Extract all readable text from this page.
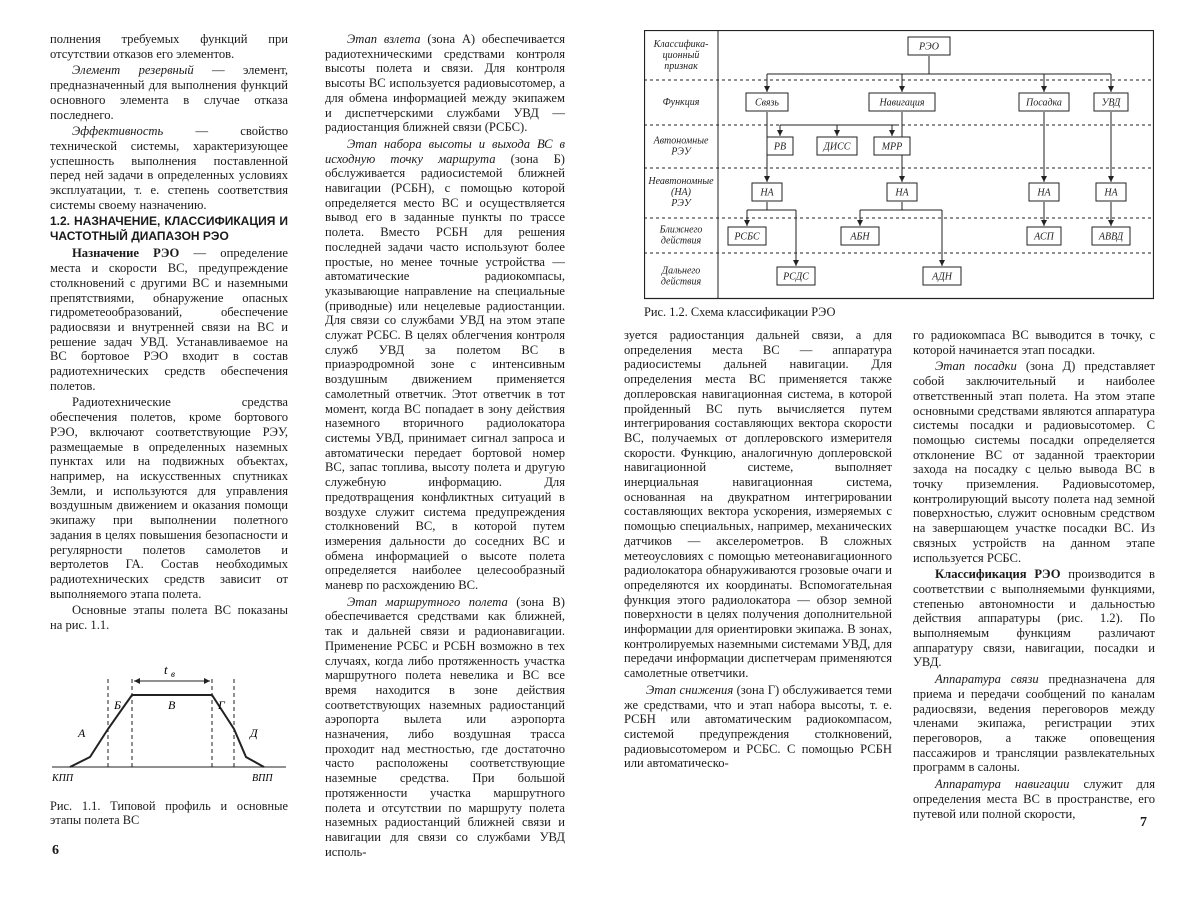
полнения требуемых функций при отсутствии отказов его элементов.

Элемент резервный — элемент, предназначенный для выполнения функций основного элемента в случае отказа последнего.

Эффективность — свойство технической системы, характеризующее успешность выполнения поставленной перед ней задачи в определенных условиях эксплуатации, т. е. степень соответствия системы своему назначению.

1.2. НАЗНАЧЕНИЕ, КЛАССИФИКАЦИЯ И ЧАСТОТНЫЙ ДИАПАЗОН РЭО

Назначение РЭО — определение места и скорости ВС, предупреждение столкновений с другими ВС и наземными препятствиями, обнаружение опасных гидрометеообразований, обеспечение радиосвязи и внутренней связи на ВС и решение задач УВД. Устанавливаемое на ВС бортовое РЭО входит в состав радиотехнических средств обеспечения полетов.

Радиотехнические средства обеспечения полетов, кроме бортового РЭО, включают соответствующие РЭУ, размещаемые в определенных наземных пунктах или на подвижных объектах, например, на искусственных спутниках Земли, и используются для управления воздушным движением и оказания помощи экипажу при выполнении полетного задания в целях повышения безопасности и регулярности полетов самолетов и вертолетов ГА. Состав необходимых радиотехнических средств зависит от выполняемого этапа полета.

Основные этапы полета ВС показаны на рис. 1.1.

t в
Б	В	Г
А	Д
КПП	ВПП

Рис. 1.1. Типовой профиль и основные этапы полета ВС

Этап взлета (зона А) обеспечивается радиотехническими средствами контроля высоты полета и связи. Для контроля высоты ВС используется радиовысотомер, а для обмена информацией между экипажем и диспетчерскими службами УВД — радиостанция ближней связи (РСБС).

Этап набора высоты и выхода ВС в исходную точку маршрута (зона Б) обслуживается радиосистемой ближней навигации (РСБН), с помощью которой определяется место ВС и осуществляется вывод его в заданные пункты по трассе полета. Вместо РСБН для решения последней задачи часто используют более простые, но менее точные устройства — автоматические радиокомпасы, указывающие направление на специальные (приводные) или нецелевые радиостанции. Для связи со службами УВД на этом этапе служат РСБС. В целях облегчения контроля служб УВД за полетом ВС в приаэродромной зоне с интенсивным воздушным движением применяется самолетный ответчик. Этот ответчик в тот момент, когда ВС попадает в зону действия наземного вторичного радиолокатора системы УВД, принимает сигнал запроса и автоматически передает бортовой номер ВС, запас топлива, высоту полета и другую служебную информацию. Для предотвращения конфликтных ситуаций в воздухе служит система предупреждения столкновений ВС, в которой путем измерения дальности до соседних ВС и обмена информацией о высоте полета определяется наиболее целесообразный маневр по расхождению ВС.

Этап маршрутного полета (зона В) обеспечивается средствами как ближней, так и дальней связи и радионавигации. Применение РСБС и РСБН возможно в тех случаях, когда либо протяженность участка маршрутного полета невелика и ВС все время находится в зоне действия соответствующих наземных радиостанций аэропорта вылета или аэропорта назначения, либо воздушная трасса проходит над местностью, где достаточно часто расположены соответствующие наземные средства. При большой протяженности участка маршрутного полета и отсутствии по маршруту полета наземных радиостанций ближней связи и навигации для связи со службами УВД исполь-

6
Классифика-
ционный
признак
Функция
Автономные
РЭУ
Неавтономные
(НА)
РЭУ
Ближнего
действия
Дальнего
действия
РЭО
Связь	Навигация	Посадка	УВД
РВ	ДИСС	МРР
НА	НА	НА	НА
РСБС	АБН	АСП	АВВД
РСДС	АДН
Рис. 1.2. Схема классификации РЭО

зуется радиостанция дальней связи, а для определения места ВС — аппаратура радиосистемы дальней навигации. Для определения места ВС применяется также доплеровская навигационная система, в которой пройденный ВС путь вычисляется путем интегрирования составляющих вектора скорости ВС, получаемых от доплеровского измерителя скорости. Функцию, аналогичную доплеровской навигационной системе, выполняет инерциальная навигационная система, основанная на двукратном интегрировании составляющих вектора ускорения, измеряемых с помощью специальных, например, механических датчиков — акселерометров. В сложных метеоусловиях с помощью метеонавигационного радиолокатора обнаруживаются грозовые очаги и определяются их координаты. Вспомогательная функция этого радиолокатора — обзор земной поверхности в целях получения дополнительной информации для ориентировки экипажа. В зонах, контролируемых наземными системами УВД, для передачи информации диспетчерам применяются самолетные ответчики.

Этап снижения (зона Г) обслуживается теми же средствами, что и этап набора высоты, т. е. РСБН или автоматическим радиокомпасом, системой предупреждения столкновений, радиовысотомером и РСБС. С помощью РСБН или автоматическо-

го радиокомпаса ВС выводится в точку, с которой начинается этап посадки.

Этап посадки (зона Д) представляет собой заключительный и наиболее ответственный этап полета. На этом этапе основными средствами являются аппаратура системы посадки и радиовысотомер. С помощью системы посадки определяется отклонение ВС от заданной траектории захода на посадку с целью вывода ВС в точку приземления. Радиовысотомер, контролирующий высоту полета над земной поверхностью, служит основным средством на завершающем участке посадки ВС. Из связных устройств на данном этапе используется РСБС.

Классификация РЭО производится в соответствии с выполняемыми функциями, степенью автономности и дальностью действия аппаратуры (рис. 1.2). По выполняемым функциям различают аппаратуру связи, навигации, посадки и УВД.

Аппаратура связи предназначена для приема и передачи сообщений по каналам радиосвязи, ведения переговоров между членами экипажа, регистрации этих переговоров, а также оповещения пассажиров и трансляции развлекательных программ в салоны.

Аппаратура навигации служит для определения места ВС в пространстве, его путевой или полной скорости,

7
